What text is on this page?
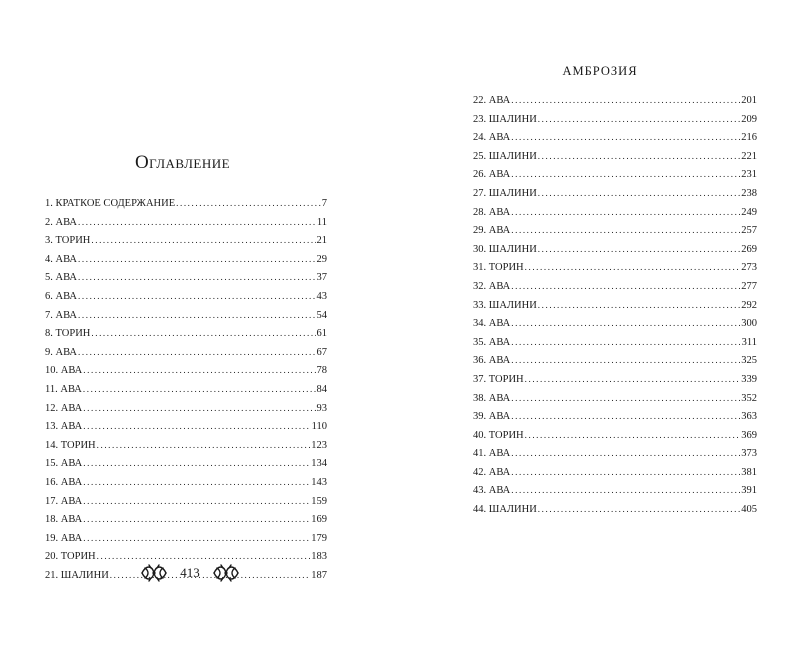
Оглавление
1. КРАТКОЕ СОДЕРЖАНИЕ .....	7
2. АВА .....	11
3. ТОРИН .....	21
4. АВА .....	29
5. АВА .....	37
6. АВА .....	43
7. АВА .....	54
8. ТОРИН .....	61
9. АВА .....	67
10. АВА .....	78
11. АВА .....	84
12. АВА .....	93
13. АВА .....	110
14. ТОРИН .....	123
15. АВА .....	134
16. АВА .....	143
17. АВА .....	159
18. АВА .....	169
19. АВА .....	179
20. ТОРИН .....	183
21. ШАЛИНИ .....	187
413
АМБРОЗИЯ
22. АВА .....	201
23. ШАЛИНИ .....	209
24. АВА .....	216
25. ШАЛИНИ .....	221
26. АВА .....	231
27. ШАЛИНИ .....	238
28. АВА .....	249
29. АВА .....	257
30. ШАЛИНИ .....	269
31. ТОРИН .....	273
32. АВА .....	277
33. ШАЛИНИ .....	292
34. АВА .....	300
35. АВА .....	311
36. АВА .....	325
37. ТОРИН .....	339
38. АВА .....	352
39. АВА .....	363
40. ТОРИН .....	369
41. АВА .....	373
42. АВА .....	381
43. АВА .....	391
44. ШАЛИНИ .....	405
